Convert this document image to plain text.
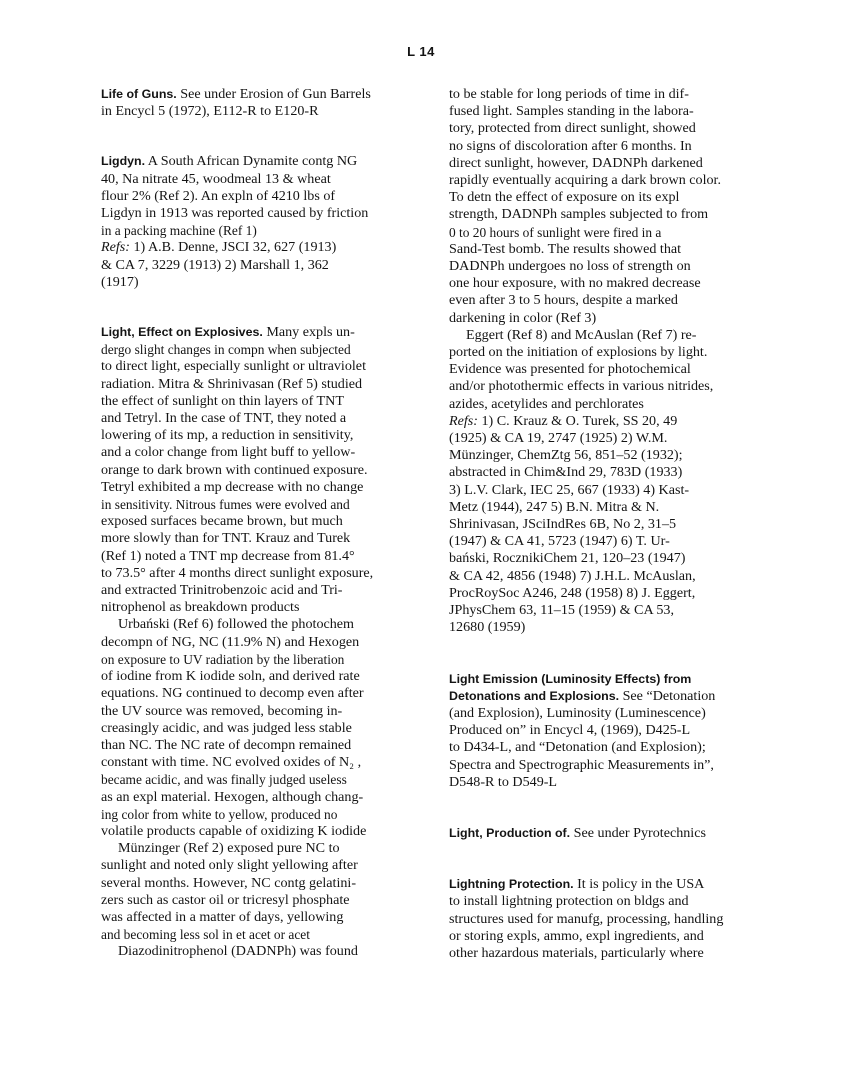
L 14
Life of Guns. See under Erosion of Gun Barrels
in Encycl 5 (1972), E112-R to E120-R
Ligdyn. A South African Dynamite contg NG
40, Na nitrate 45, woodmeal 13 & wheat
flour 2% (Ref 2). An expln of 4210 lbs of
Ligdyn in 1913 was reported caused by friction
in a packing machine (Ref 1)
Refs: 1) A.B. Denne, JSCI 32, 627 (1913)
& CA 7, 3229 (1913) 2) Marshall 1, 362
(1917)
Light, Effect on Explosives. Many expls un-
dergo slight changes in compn when subjected
to direct light, especially sunlight or ultraviolet
radiation. Mitra & Shrinivasan (Ref 5) studied
the effect of sunlight on thin layers of TNT
and Tetryl. In the case of TNT, they noted a
lowering of its mp, a reduction in sensitivity,
and a color change from light buff to yellow-
orange to dark brown with continued exposure.
Tetryl exhibited a mp decrease with no change
in sensitivity. Nitrous fumes were evolved and
exposed surfaces became brown, but much
more slowly than for TNT. Krauz and Turek
(Ref 1) noted a TNT mp decrease from 81.4°
to 73.5° after 4 months direct sunlight exposure,
and extracted Trinitrobenzoic acid and Tri-
nitrophenol as breakdown products
Urbański (Ref 6) followed the photochem
decompn of NG, NC (11.9% N) and Hexogen
on exposure to UV radiation by the liberation
of iodine from K iodide soln, and derived rate
equations. NG continued to decomp even after
the UV source was removed, becoming in-
creasingly acidic, and was judged less stable
than NC. The NC rate of decompn remained
constant with time. NC evolved oxides of N₂ ,
became acidic, and was finally judged useless
as an expl material. Hexogen, although chang-
ing color from white to yellow, produced no
volatile products capable of oxidizing K iodide
Münzinger (Ref 2) exposed pure NC to
sunlight and noted only slight yellowing after
several months. However, NC contg gelatini-
zers such as castor oil or tricresyl phosphate
was affected in a matter of days, yellowing
and becoming less sol in et acet or acet
Diazodinitrophenol (DADNPh) was found
to be stable for long periods of time in dif-
fused light. Samples standing in the labora-
tory, protected from direct sunlight, showed
no signs of discoloration after 6 months. In
direct sunlight, however, DADNPh darkened
rapidly eventually acquiring a dark brown color.
To detn the effect of exposure on its expl
strength, DADNPh samples subjected to from
0 to 20 hours of sunlight were fired in a
Sand-Test bomb. The results showed that
DADNPh undergoes no loss of strength on
one hour exposure, with no makred decrease
even after 3 to 5 hours, despite a marked
darkening in color (Ref 3)
Eggert (Ref 8) and McAuslan (Ref 7) re-
ported on the initiation of explosions by light.
Evidence was presented for photochemical
and/or photothermic effects in various nitrides,
azides, acetylides and perchlorates
Refs: 1) C. Krauz & O. Turek, SS 20, 49
(1925) & CA 19, 2747 (1925) 2) W.M.
Münzinger, ChemZtg 56, 851–52 (1932);
abstracted in Chim&Ind 29, 783D (1933)
3) L.V. Clark, IEC 25, 667 (1933) 4) Kast-
Metz (1944), 247 5) B.N. Mitra & N.
Shrinivasan, JSciIndRes 6B, No 2, 31–5
(1947) & CA 41, 5723 (1947) 6) T. Ur-
bański, RocznikiChem 21, 120–23 (1947)
& CA 42, 4856 (1948) 7) J.H.L. McAuslan,
ProcRoySoc A246, 248 (1958) 8) J. Eggert,
JPhysChem 63, 11–15 (1959) & CA 53,
12680 (1959)
Light Emission (Luminosity Effects) from
Detonations and Explosions. See “Detonation
(and Explosion), Luminosity (Luminescence)
Produced on” in Encycl 4, (1969), D425-L
to D434-L, and “Detonation (and Explosion);
Spectra and Spectrographic Measurements in”,
D548-R to D549-L
Light, Production of. See under Pyrotechnics
Lightning Protection. It is policy in the USA
to install lightning protection on bldgs and
structures used for manufg, processing, handling
or storing expls, ammo, expl ingredients, and
other hazardous materials, particularly where
